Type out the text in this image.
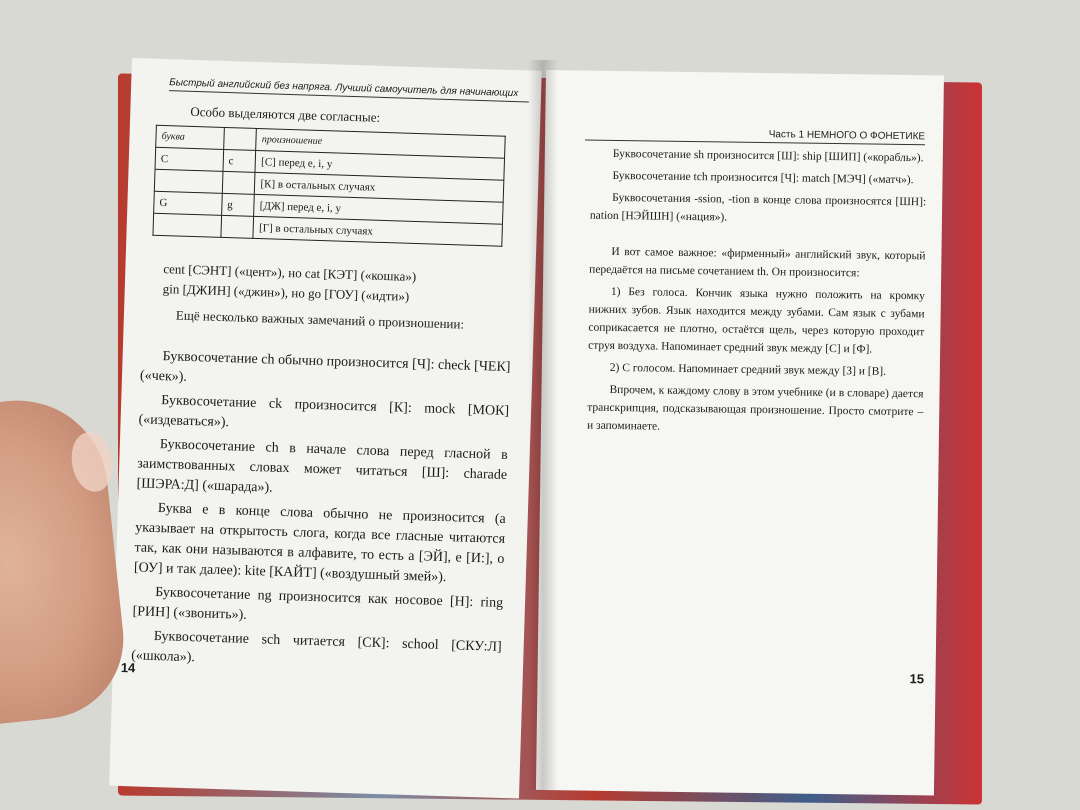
Быстрый английский без напряга. Лучший самоучитель для начинающих
Особо выделяются две согласные:
буква		произношение
C	c	[С] перед e, i, y
		[К] в остальных случаях
G	g	[ДЖ] перед e, i, y
		[Г] в остальных случаях
cent [СЭНТ] («цент»), но cat [КЭТ] («кошка»)
gin [ДЖИН] («джин»), но go [ГОУ] («идти»)
Ещё несколько важных замечаний о произношении:

Буквосочетание ch обычно произносится [Ч]: check [ЧЕК] («чек»).

Буквосочетание ck произносится [К]: mock [МОК] («издеваться»).

Буквосочетание ch в начале слова перед гласной в заимствованных словах может читаться [Ш]: charade [ШЭРА:Д] («шарада»).

Буква e в конце слова обычно не произносится (а указывает на открытость слога, когда все гласные читаются так, как они называются в алфавите, то есть a [ЭЙ], e [И:], o [ОУ] и так далее): kite [КАЙТ] («воздушный змей»).

Буквосочетание ng произносится как носовое [Н]: ring [РИН] («звонить»).

Буквосочетание sch читается [СК]: school [СКУ:Л] («школа»).

14
Часть 1 НЕМНОГО О ФОНЕТИКЕ

Буквосочетание sh произносится [Ш]: ship [ШИП] («корабль»).

Буквосочетание tch произносится [Ч]: match [МЭЧ] («матч»).

Буквосочетания -ssion, -tion в конце слова произносятся [ШН]: nation [НЭЙШН] («нация»).

И вот самое важное: «фирменный» английский звук, который передаётся на письме сочетанием th. Он произносится:

1) Без голоса. Кончик языка нужно положить на кромку нижних зубов. Язык находится между зубами. Сам язык с зубами соприкасается не плотно, остаётся щель, через которую проходит струя воздуха. Напоминает средний звук между [С] и [Ф].

2) С голосом. Напоминает средний звук между [З] и [В].

Впрочем, к каждому слову в этом учебнике (и в словаре) дается транскрипция, подсказывающая произношение. Просто смотрите – и запоминаете.

15
